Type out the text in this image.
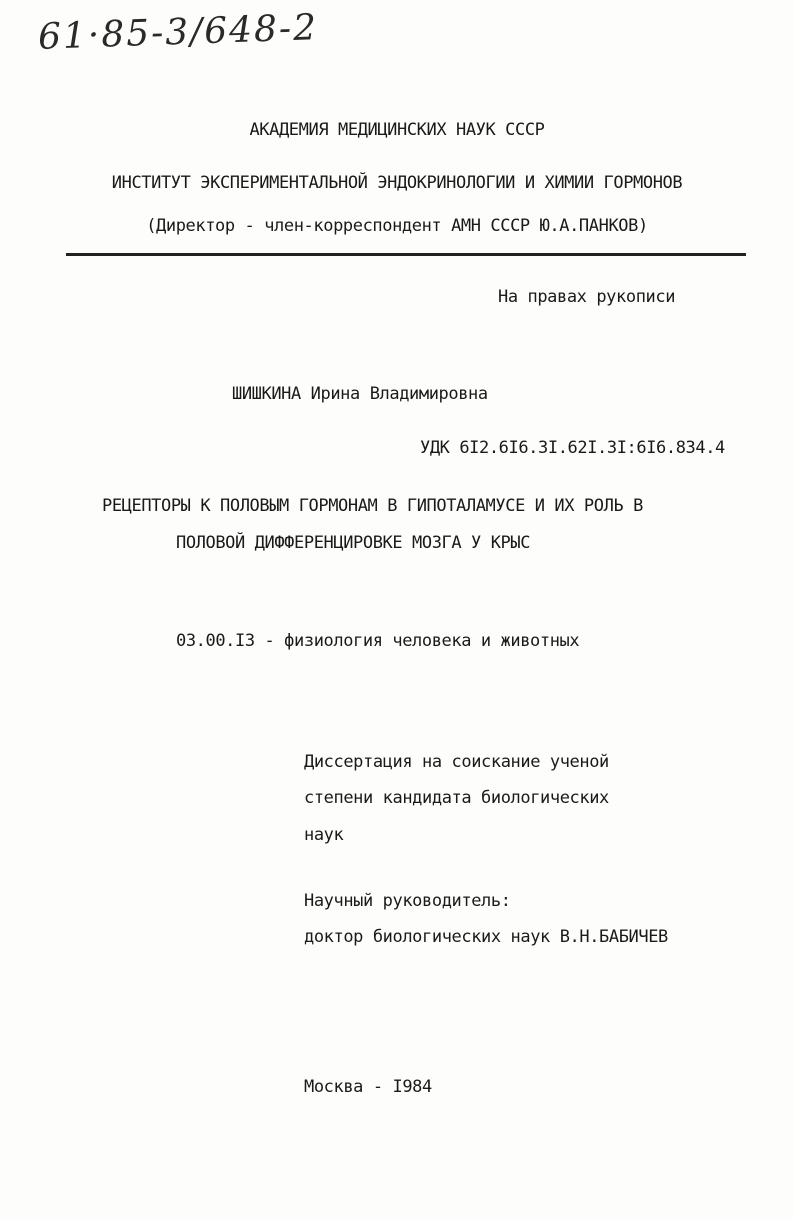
61·85-3/648-2
АКАДЕМИЯ МЕДИЦИНСКИХ НАУК СССР
ИНСТИТУТ ЭКСПЕРИМЕНТАЛЬНОЙ ЭНДОКРИНОЛОГИИ И ХИМИИ ГОРМОНОВ
(Директор - член-корреспондент АМН СССР Ю.А.ПАНКОВ)
На правах рукописи
ШИШКИНА Ирина Владимировна
УДК 6I2.6I6.3I.62I.3I:6I6.834.4
РЕЦЕПТОРЫ К ПОЛОВЫМ ГОРМОНАМ В ГИПОТАЛАМУСЕ И ИХ РОЛЬ В
ПОЛОВОЙ ДИФФЕРЕНЦИРОВКЕ МОЗГА У КРЫС
03.00.I3 - физиология человека и животных
Диссертация на соискание ученой
степени кандидата биологических
наук
Научный руководитель:
доктор биологических наук В.Н.БАБИЧЕВ
Москва - I984
